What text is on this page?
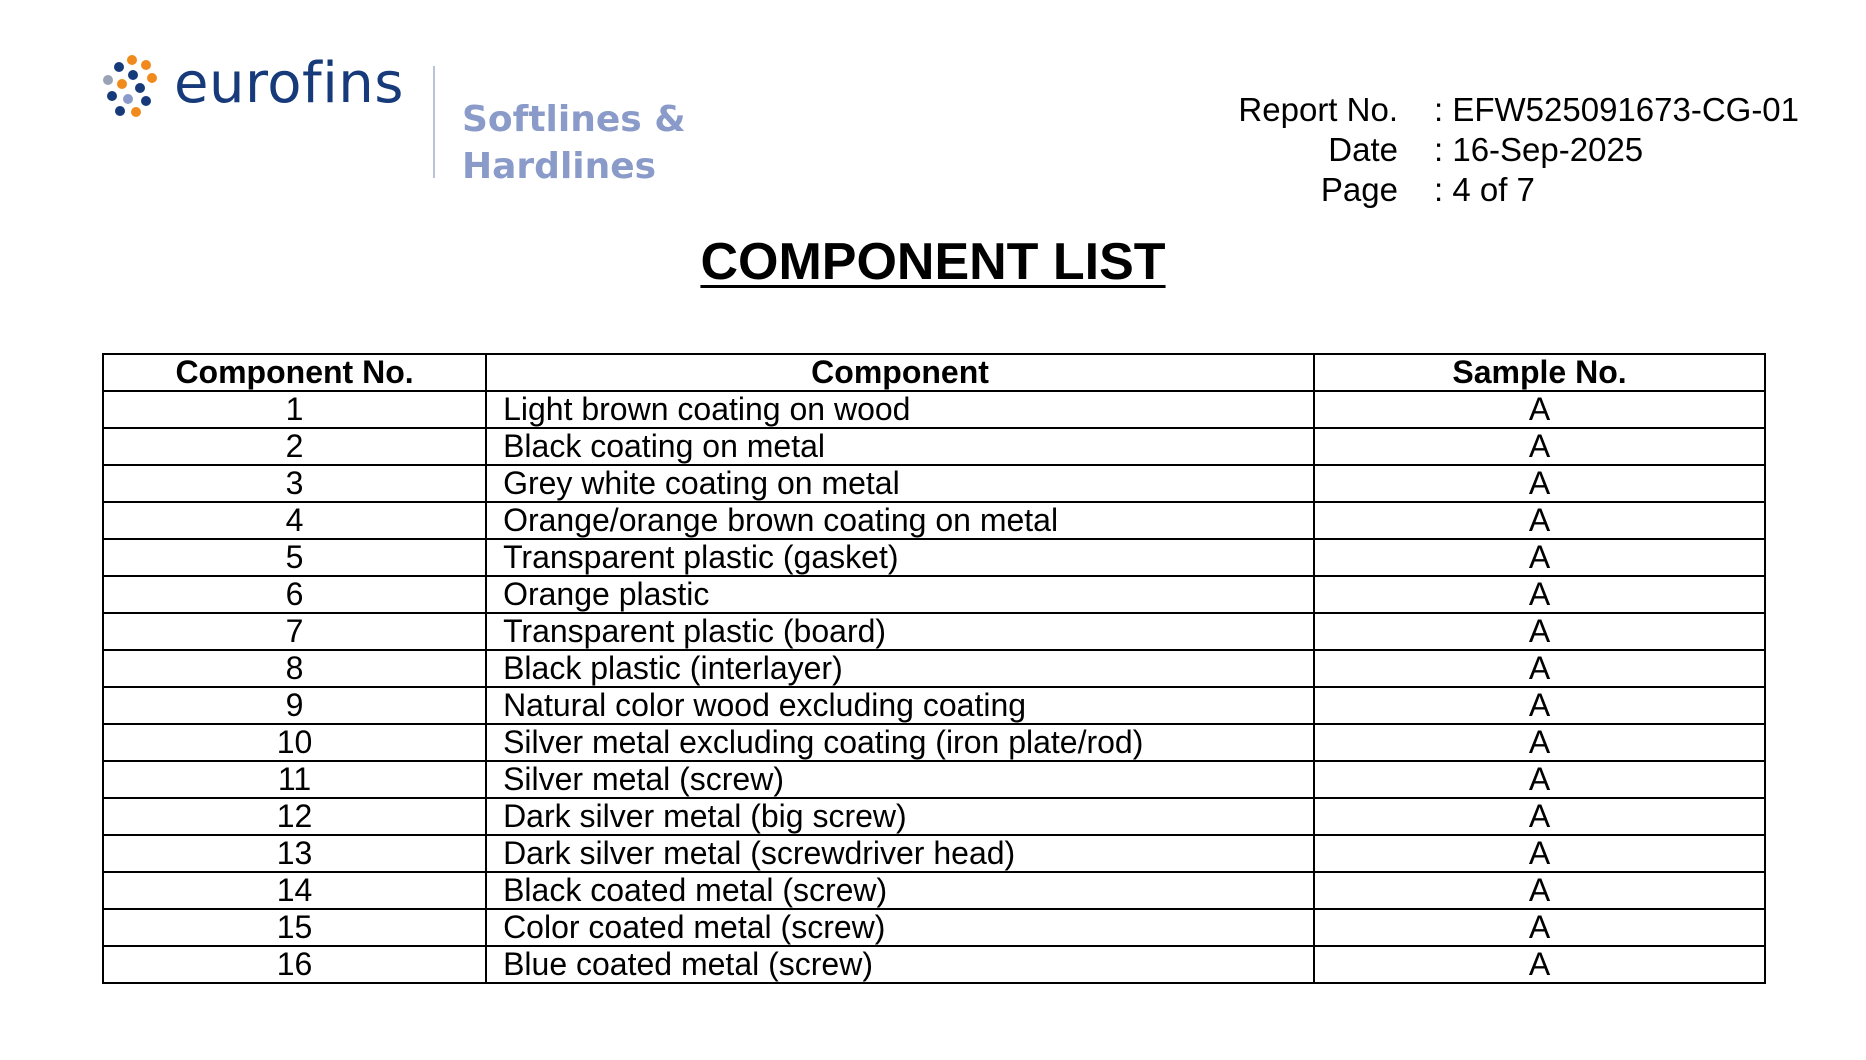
eurofins
Softlines &
Hardlines
Report No. : EFW525091673-CG-01
Date : 16-Sep-2025
Page : 4 of 7
COMPONENT LIST
Component No.	Component	Sample No.
1	Light brown coating on wood	A
2	Black coating on metal	A
3	Grey white coating on metal	A
4	Orange/orange brown coating on metal	A
5	Transparent plastic (gasket)	A
6	Orange plastic	A
7	Transparent plastic (board)	A
8	Black plastic (interlayer)	A
9	Natural color wood excluding coating	A
10	Silver metal excluding coating (iron plate/rod)	A
11	Silver metal (screw)	A
12	Dark silver metal (big screw)	A
13	Dark silver metal (screwdriver head)	A
14	Black coated metal (screw)	A
15	Color coated metal (screw)	A
16	Blue coated metal (screw)	A
